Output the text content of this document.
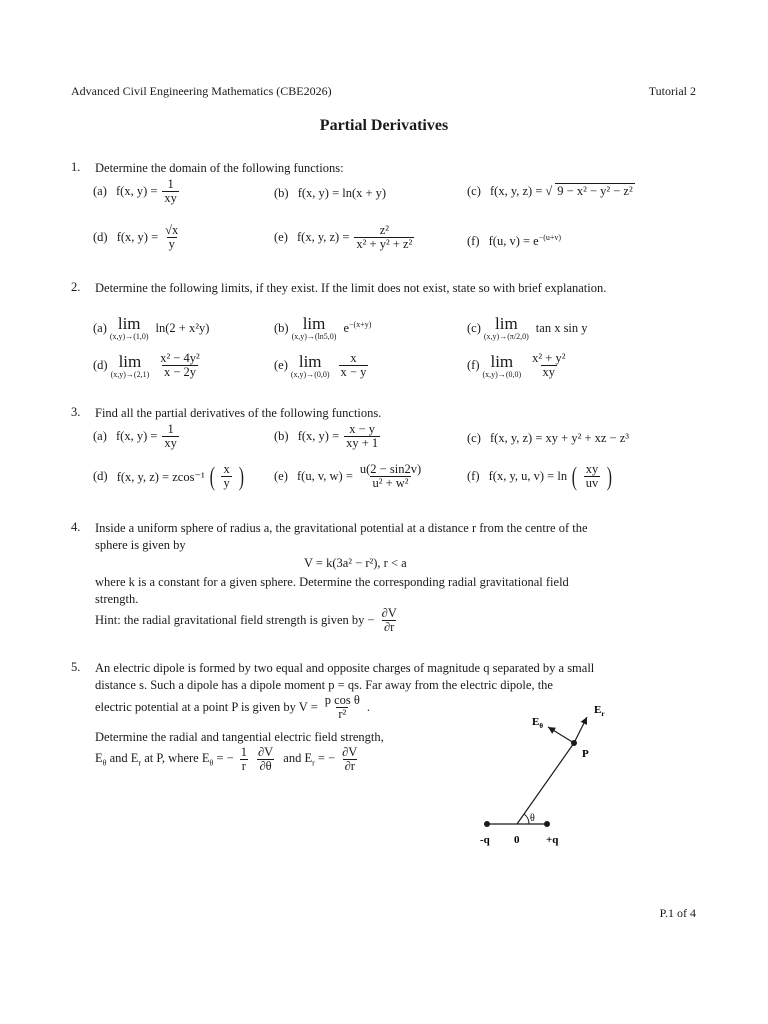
Advanced Civil Engineering Mathematics (CBE2026)	Tutorial 2
Partial Derivatives
1. Determine the domain of the following functions:
(a)
f(x, $y) = \frac{1}{xy}$	(b)
f(x, y) = ln(x + y)	(c)
f(x, y, z) = √ 9 − x² − y² − z²
(d)
f(x, $y) = \frac{√x}{y}$	(e)
f(x, y, $z) = \frac{\text{z²}}{\text{x² + y² + z²}}$	(f)
f(u, $v) = e^{-(u+v)}$
2. Determine the following limits, if they exist. If the limit does not exist, state so with brief explanation.
(a) lim
(x,y)→(1,0)
ln(2 + x²y)	(b) lim
(x,y)→(ln5,0)
$e^{-(x+y)}$	(c) lim
(x,y)→(π/2,0)
tan x sin y
(d) lim
$(x,y)\to(2,1) \frac{\text{x² − 4y²}}{x - 2y}$	(e) lim
$(x,y)\to(0,0) \frac{x}{x - y}$	(f) lim
$(x,y)\to(0,0) \frac{\text{x² + y²}}{xy}$
3. Find all the partial derivatives of the following functions.
(a)
f(x, $y) = \frac{1}{xy}$	(b)
f(x, $y) = \frac{x - y}{xy + 1}$	(c)
f(x, y, z) = xy + y² + xz − z³
(d)
f(x, y, z) = zcos⁻¹ ( $\frac{x}{y}$ ) (e)
f(u, v, $w) = \frac{u(2 - \sin 2v)}{\text{u² + w²}}$	(f)
f(x, y, u, v) = ln ( $\frac{xy}{uv}$ )
4. Inside a uniform sphere of radius a, the gravitational potential at a distance r from the centre of the
sphere is given by
V = k(3a² − r²), r < a
where k is a constant for a given sphere. Determine the corresponding radial gravitational field
strength.
Hint: the radial gravitational field strength is given by − $\frac{\partial V}{\partial r}$
5. An electric dipole is formed by two equal and opposite charges of magnitude q separated by a small
distance s. Such a dipole has a dipole moment p = qs. Far away from the electric dipole, the
electric potential at a point P is given by $V = \frac{\text{p cos θ}}{\text{r²}}$ .
Determine the radial and tangential electric field strength,
$E_\theta$ and $E_r$ at P, where $E_\theta$ = − $\frac{1}{r} \frac{\partial V}{\partial\theta}$ and $E_r$ = − $\frac{\partial V}{\partial r}$
θ
$E_\theta$
$E_r$
P
-q 0 +q
P.1 of 4
